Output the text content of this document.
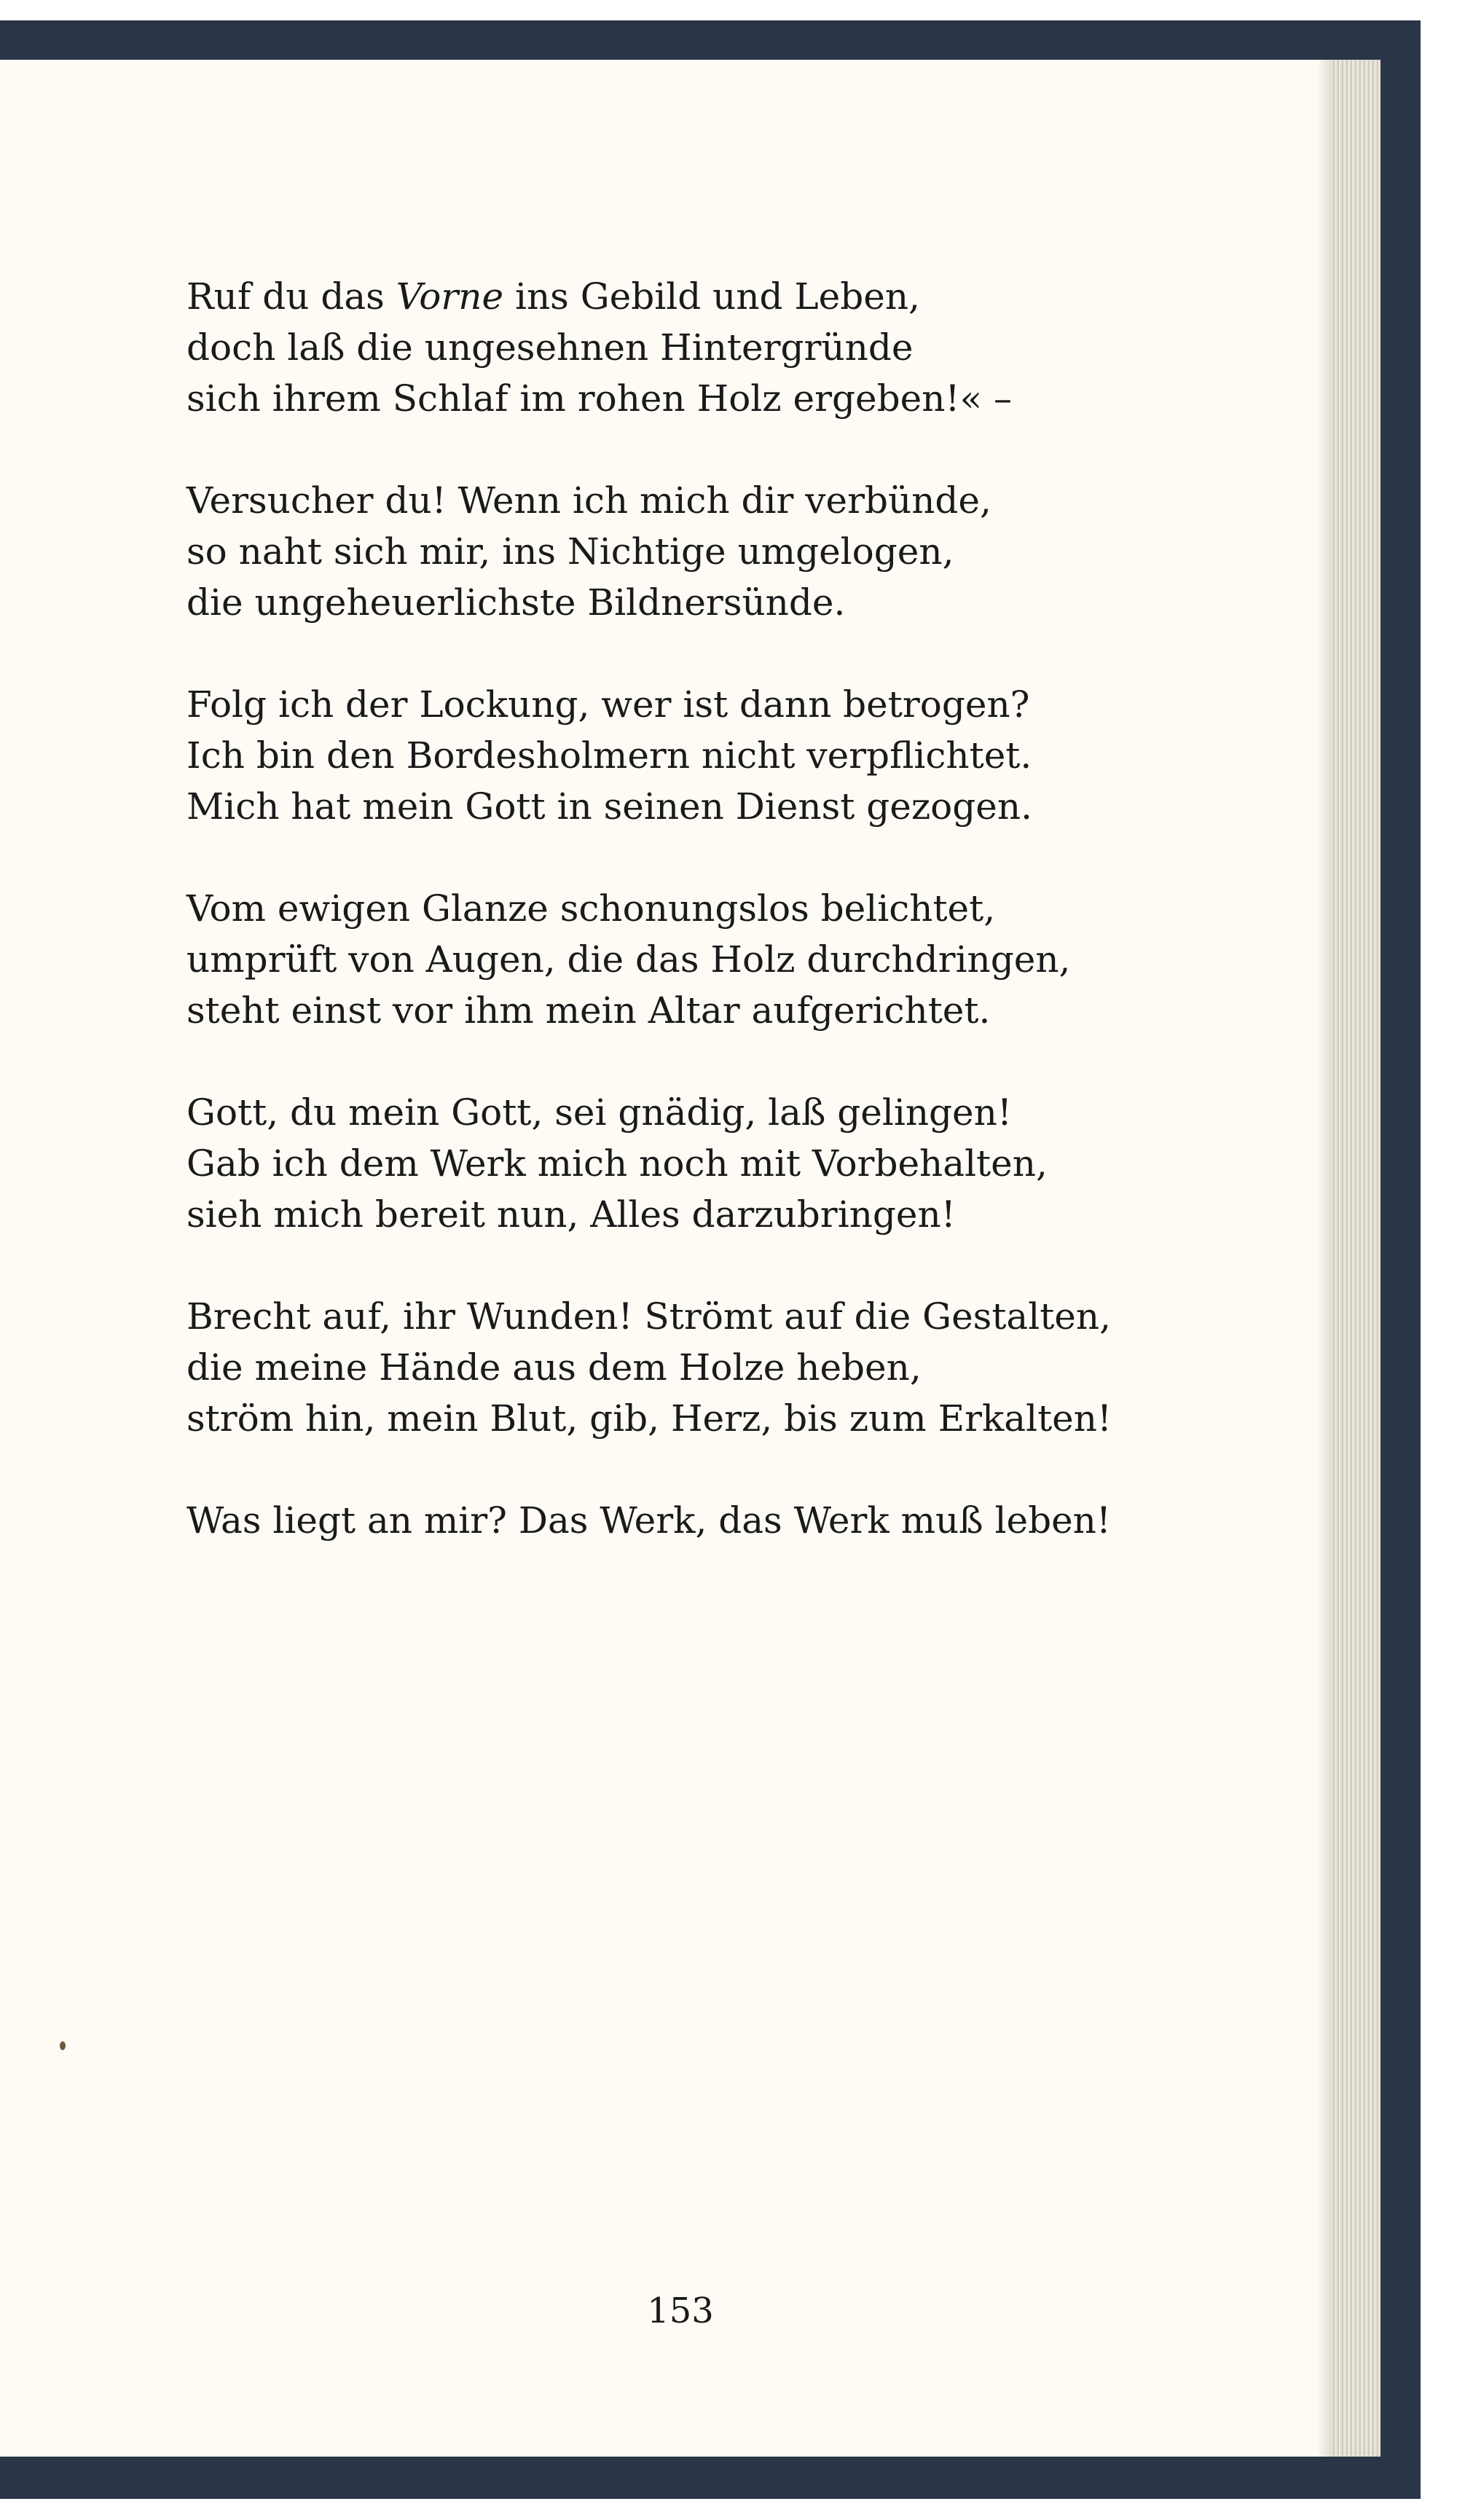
Ruf du das Vorne ins Gebild und Leben,
doch laß die ungesehnen Hintergründe
sich ihrem Schlaf im rohen Holz ergeben!« –
Versucher du! Wenn ich mich dir verbünde,
so naht sich mir, ins Nichtige umgelogen,
die ungeheuerlichste Bildnersünde.
Folg ich der Lockung, wer ist dann betrogen?
Ich bin den Bordesholmern nicht verpflichtet.
Mich hat mein Gott in seinen Dienst gezogen.
Vom ewigen Glanze schonungslos belichtet,
umprüft von Augen, die das Holz durchdringen,
steht einst vor ihm mein Altar aufgerichtet.
Gott, du mein Gott, sei gnädig, laß gelingen!
Gab ich dem Werk mich noch mit Vorbehalten,
sieh mich bereit nun, Alles darzubringen!
Brecht auf, ihr Wunden! Strömt auf die Gestalten,
die meine Hände aus dem Holze heben,
ström hin, mein Blut, gib, Herz, bis zum Erkalten!
Was liegt an mir? Das Werk, das Werk muß leben!
153
